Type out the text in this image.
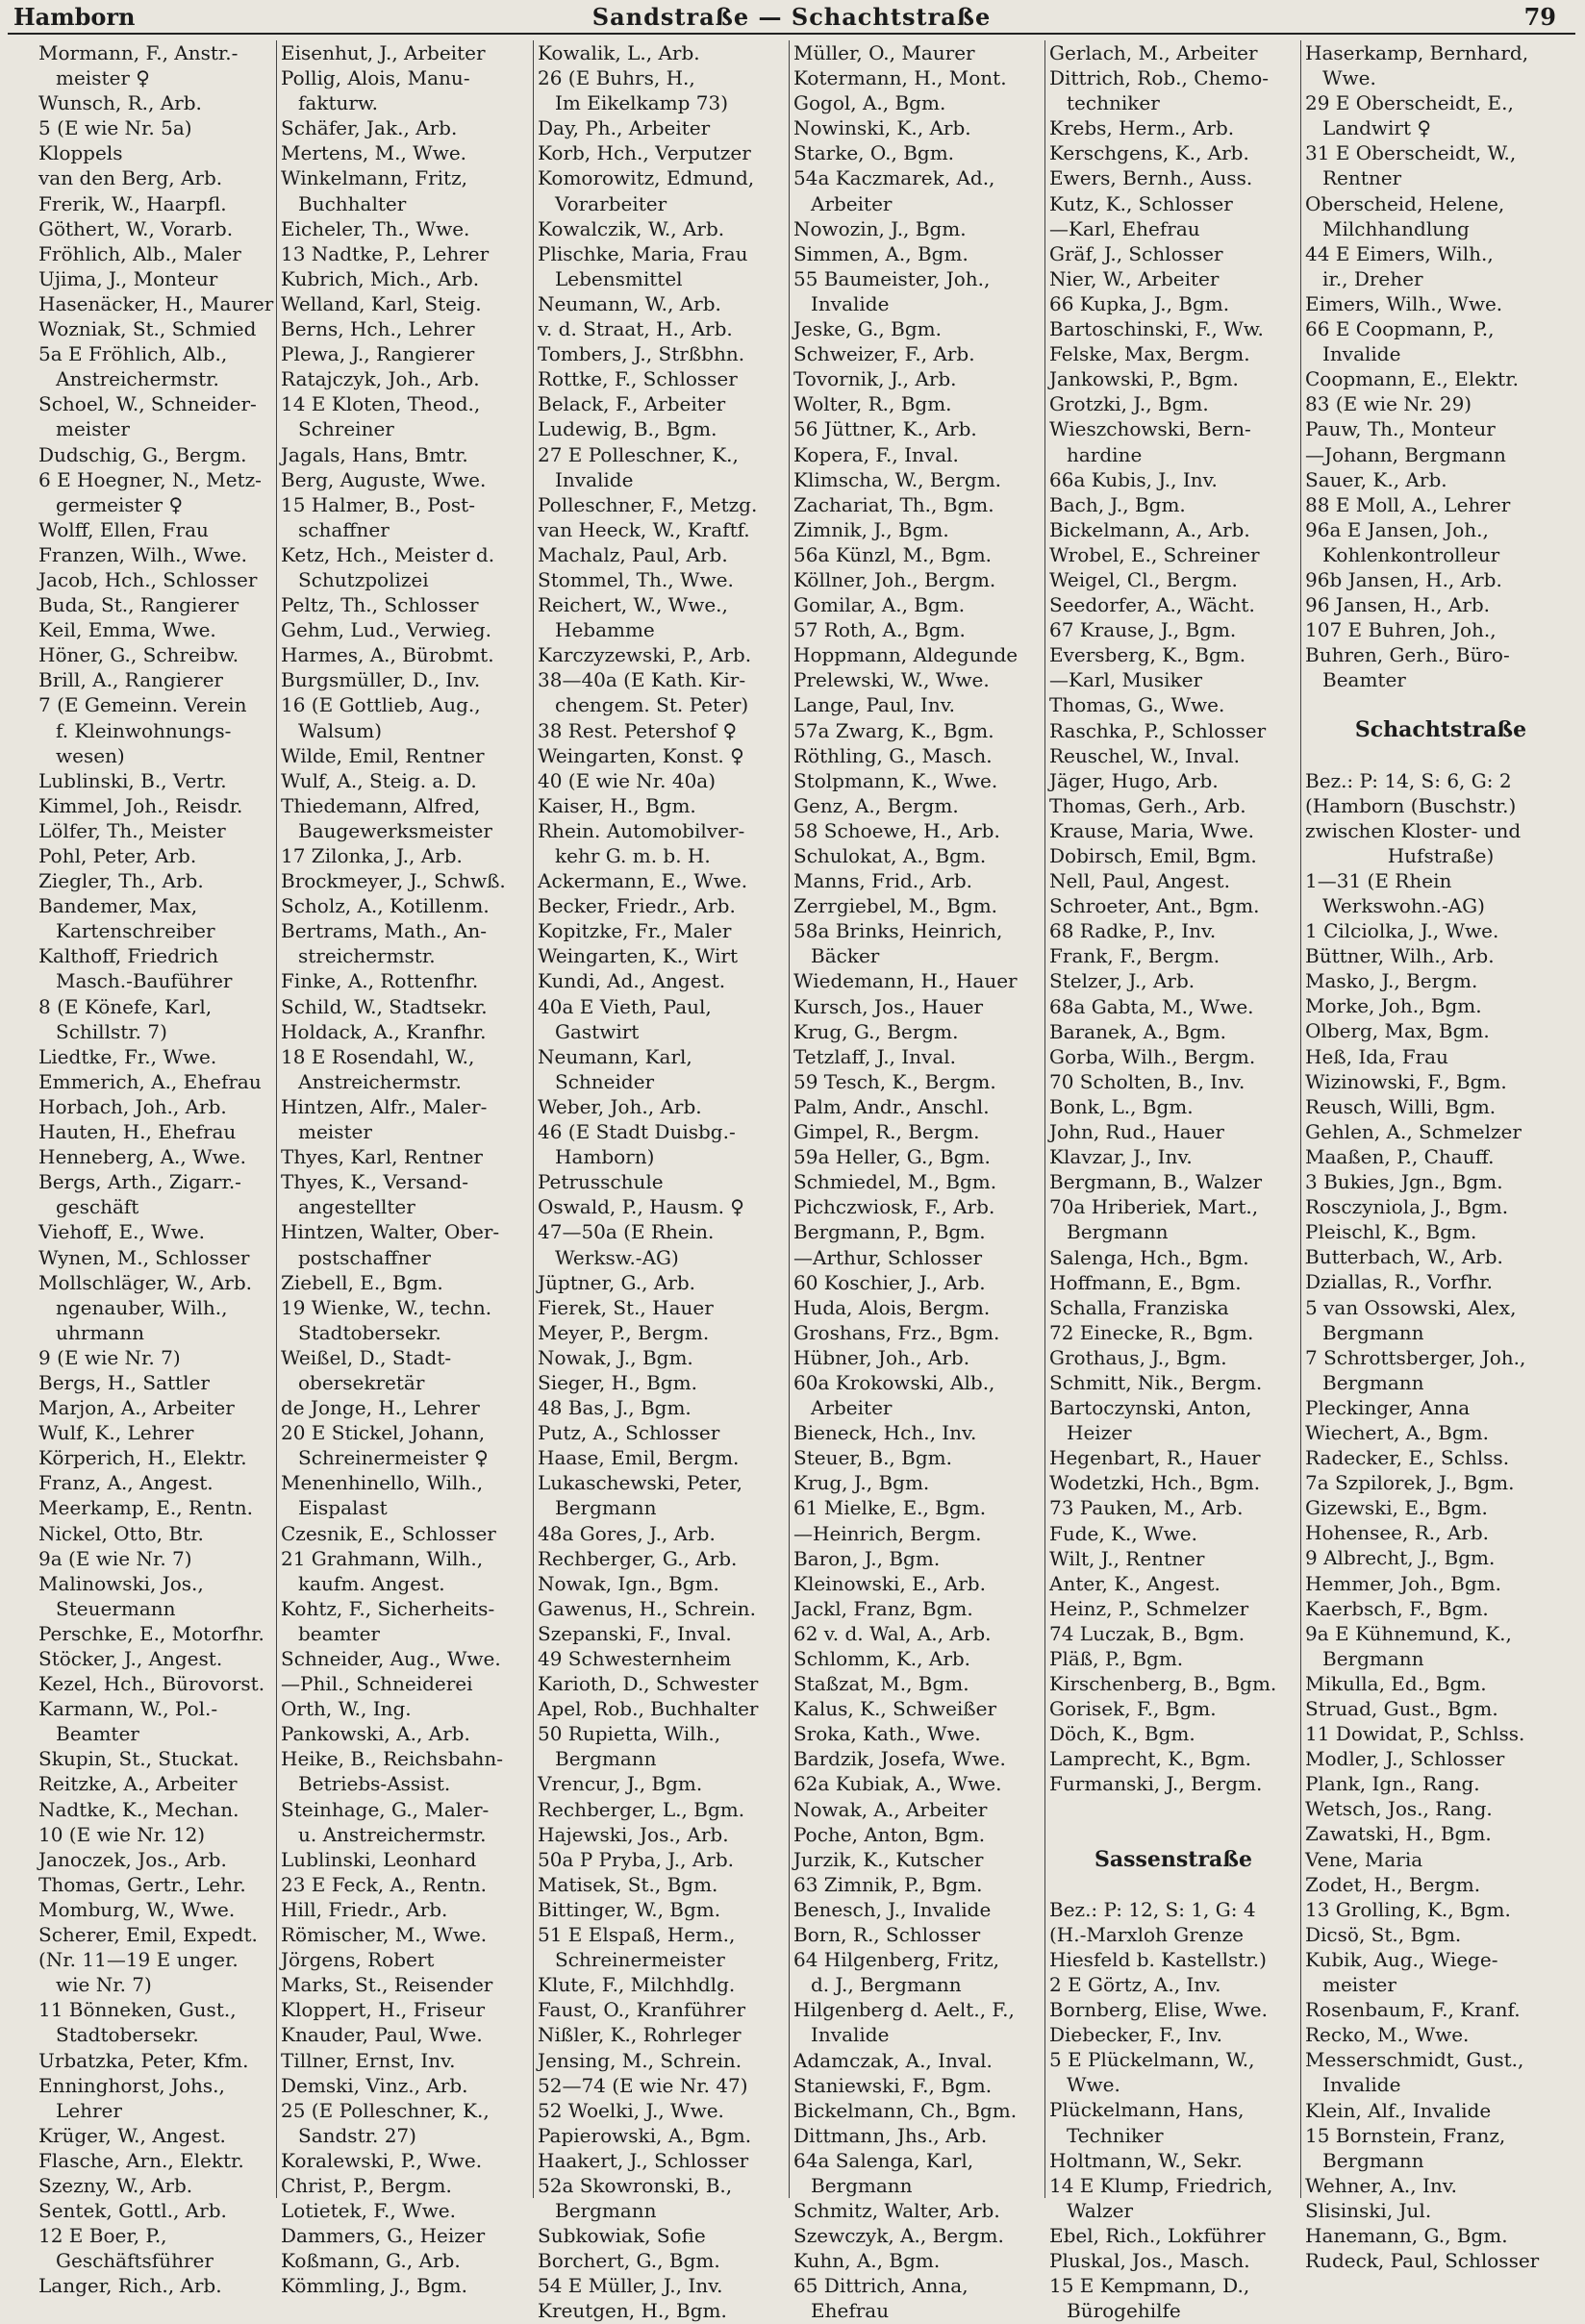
Hamborn	Sandstraße — Schachtstraße	79
Mormann, F., Anstr.-
meister ♀
Wunsch, R., Arb.
5 (E wie Nr. 5a)
Kloppels
van den Berg, Arb.
Frerik, W., Haarpfl.
Göthert, W., Vorarb.
Fröhlich, Alb., Maler
Ujima, J., Monteur
Hasenäcker, H., Maurer
Wozniak, St., Schmied
5a E Fröhlich, Alb.,
Anstreichermstr.
Schoel, W., Schneider-
meister
Dudschig, G., Bergm.
6 E Hoegner, N., Metz-
germeister ♀
Wolff, Ellen, Frau
Franzen, Wilh., Wwe.
Jacob, Hch., Schlosser
Buda, St., Rangierer
Keil, Emma, Wwe.
Höner, G., Schreibw.
Brill, A., Rangierer
7 (E Gemeinn. Verein
f. Kleinwohnungs-
wesen)
Lublinski, B., Vertr.
Kimmel, Joh., Reisdr.
Lölfer, Th., Meister
Pohl, Peter, Arb.
Ziegler, Th., Arb.
Bandemer, Max,
Kartenschreiber
Kalthoff, Friedrich
Masch.-Bauführer
8 (E Könefe, Karl,
Schillstr. 7)
Liedtke, Fr., Wwe.
Emmerich, A., Ehefrau
Horbach, Joh., Arb.
Hauten, H., Ehefrau
Henneberg, A., Wwe.
Bergs, Arth., Zigarr.-
geschäft
Viehoff, E., Wwe.
Wynen, M., Schlosser
Mollschläger, W., Arb.
ngenauber, Wilh.,
uhrmann
9 (E wie Nr. 7)
Bergs, H., Sattler
Marjon, A., Arbeiter
Wulf, K., Lehrer
Körperich, H., Elektr.
Franz, A., Angest.
Meerkamp, E., Rentn.
Nickel, Otto, Btr.
9a (E wie Nr. 7)
Malinowski, Jos.,
Steuermann
Perschke, E., Motorfhr.
Stöcker, J., Angest.
Kezel, Hch., Bürovorst.
Karmann, W., Pol.-
Beamter
Skupin, St., Stuckat.
Reitzke, A., Arbeiter
Nadtke, K., Mechan.
10 (E wie Nr. 12)
Janoczek, Jos., Arb.
Thomas, Gertr., Lehr.
Momburg, W., Wwe.
Scherer, Emil, Expedt.
(Nr. 11—19 E unger.
wie Nr. 7)
11 Bönneken, Gust.,
Stadtobersekr.
Urbatzka, Peter, Kfm.
Enninghorst, Johs.,
Lehrer
Krüger, W., Angest.
Flasche, Arn., Elektr.
Szezny, W., Arb.
Sentek, Gottl., Arb.
12 E Boer, P.,
Geschäftsführer
Langer, Rich., Arb.
Eisenhut, J., Arbeiter
Pollig, Alois, Manu-
fakturw.
Schäfer, Jak., Arb.
Mertens, M., Wwe.
Winkelmann, Fritz,
Buchhalter
Eicheler, Th., Wwe.
13 Nadtke, P., Lehrer
Kubrich, Mich., Arb.
Welland, Karl, Steig.
Berns, Hch., Lehrer
Plewa, J., Rangierer
Ratajczyk, Joh., Arb.
14 E Kloten, Theod.,
Schreiner
Jagals, Hans, Bmtr.
Berg, Auguste, Wwe.
15 Halmer, B., Post-
schaffner
Ketz, Hch., Meister d.
Schutzpolizei
Peltz, Th., Schlosser
Gehm, Lud., Verwieg.
Harmes, A., Bürobmt.
Burgsmüller, D., Inv.
16 (E Gottlieb, Aug.,
Walsum)
Wilde, Emil, Rentner
Wulf, A., Steig. a. D.
Thiedemann, Alfred,
Baugewerksmeister
17 Zilonka, J., Arb.
Brockmeyer, J., Schwß.
Scholz, A., Kotillenm.
Bertrams, Math., An-
streichermstr.
Finke, A., Rottenfhr.
Schild, W., Stadtsekr.
Holdack, A., Kranfhr.
18 E Rosendahl, W.,
Anstreichermstr.
Hintzen, Alfr., Maler-
meister
Thyes, Karl, Rentner
Thyes, K., Versand-
angestellter
Hintzen, Walter, Ober-
postschaffner
Ziebell, E., Bgm.
19 Wienke, W., techn.
Stadtobersekr.
Weißel, D., Stadt-
obersekretär
de Jonge, H., Lehrer
20 E Stickel, Johann,
Schreinermeister ♀
Menenhinello, Wilh.,
Eispalast
Czesnik, E., Schlosser
21 Grahmann, Wilh.,
kaufm. Angest.
Kohtz, F., Sicherheits-
beamter
Schneider, Aug., Wwe.
—Phil., Schneiderei
Orth, W., Ing.
Pankowski, A., Arb.
Heike, B., Reichsbahn-
Betriebs-Assist.
Steinhage, G., Maler-
u. Anstreichermstr.
Lublinski, Leonhard
23 E Feck, A., Rentn.
Hill, Friedr., Arb.
Römischer, M., Wwe.
Jörgens, Robert
Marks, St., Reisender
Kloppert, H., Friseur
Knauder, Paul, Wwe.
Tillner, Ernst, Inv.
Demski, Vinz., Arb.
25 (E Polleschner, K.,
Sandstr. 27)
Koralewski, P., Wwe.
Christ, P., Bergm.
Lotietek, F., Wwe.
Dammers, G., Heizer
Koßmann, G., Arb.
Kömmling, J., Bgm.
Kowalik, L., Arb.
26 (E Buhrs, H.,
Im Eikelkamp 73)
Day, Ph., Arbeiter
Korb, Hch., Verputzer
Komorowitz, Edmund,
Vorarbeiter
Kowalczik, W., Arb.
Plischke, Maria, Frau
Lebensmittel
Neumann, W., Arb.
v. d. Straat, H., Arb.
Tombers, J., Strßbhn.
Rottke, F., Schlosser
Belack, F., Arbeiter
Ludewig, B., Bgm.
27 E Polleschner, K.,
Invalide
Polleschner, F., Metzg.
van Heeck, W., Kraftf.
Machalz, Paul, Arb.
Stommel, Th., Wwe.
Reichert, W., Wwe.,
Hebamme
Karczyzewski, P., Arb.
38—40a (E Kath. Kir-
chengem. St. Peter)
38 Rest. Petershof ♀
Weingarten, Konst. ♀
40 (E wie Nr. 40a)
Kaiser, H., Bgm.
Rhein. Automobilver-
kehr G. m. b. H.
Ackermann, E., Wwe.
Becker, Friedr., Arb.
Kopitzke, Fr., Maler
Weingarten, K., Wirt
Kundi, Ad., Angest.
40a E Vieth, Paul,
Gastwirt
Neumann, Karl,
Schneider
Weber, Joh., Arb.
46 (E Stadt Duisbg.-
Hamborn)
Petrusschule
Oswald, P., Hausm. ♀
47—50a (E Rhein.
Werksw.-AG)
Jüptner, G., Arb.
Fierek, St., Hauer
Meyer, P., Bergm.
Nowak, J., Bgm.
Sieger, H., Bgm.
48 Bas, J., Bgm.
Putz, A., Schlosser
Haase, Emil, Bergm.
Lukaschewski, Peter,
Bergmann
48a Gores, J., Arb.
Rechberger, G., Arb.
Nowak, Ign., Bgm.
Gawenus, H., Schrein.
Szepanski, F., Inval.
49 Schwesternheim
Karioth, D., Schwester
Apel, Rob., Buchhalter
50 Rupietta, Wilh.,
Bergmann
Vrencur, J., Bgm.
Rechberger, L., Bgm.
Hajewski, Jos., Arb.
50a P Pryba, J., Arb.
Matisek, St., Bgm.
Bittinger, W., Bgm.
51 E Elspaß, Herm.,
Schreinermeister
Klute, F., Milchhdlg.
Faust, O., Kranführer
Nißler, K., Rohrleger
Jensing, M., Schrein.
52—74 (E wie Nr. 47)
52 Woelki, J., Wwe.
Papierowski, A., Bgm.
Haakert, J., Schlosser
52a Skowronski, B.,
Bergmann
Subkowiak, Sofie
Borchert, G., Bgm.
54 E Müller, J., Inv.
Kreutgen, H., Bgm.
Müller, O., Maurer
Kotermann, H., Mont.
Gogol, A., Bgm.
Nowinski, K., Arb.
Starke, O., Bgm.
54a Kaczmarek, Ad.,
Arbeiter
Nowozin, J., Bgm.
Simmen, A., Bgm.
55 Baumeister, Joh.,
Invalide
Jeske, G., Bgm.
Schweizer, F., Arb.
Tovornik, J., Arb.
Wolter, R., Bgm.
56 Jüttner, K., Arb.
Kopera, F., Inval.
Klimscha, W., Bergm.
Zachariat, Th., Bgm.
Zimnik, J., Bgm.
56a Künzl, M., Bgm.
Köllner, Joh., Bergm.
Gomilar, A., Bgm.
57 Roth, A., Bgm.
Hoppmann, Aldegunde
Prelewski, W., Wwe.
Lange, Paul, Inv.
57a Zwarg, K., Bgm.
Röthling, G., Masch.
Stolpmann, K., Wwe.
Genz, A., Bergm.
58 Schoewe, H., Arb.
Schulokat, A., Bgm.
Manns, Frid., Arb.
Zerrgiebel, M., Bgm.
58a Brinks, Heinrich,
Bäcker
Wiedemann, H., Hauer
Kursch, Jos., Hauer
Krug, G., Bergm.
Tetzlaff, J., Inval.
59 Tesch, K., Bergm.
Palm, Andr., Anschl.
Gimpel, R., Bergm.
59a Heller, G., Bgm.
Schmiedel, M., Bgm.
Pichczwiosk, F., Arb.
Bergmann, P., Bgm.
—Arthur, Schlosser
60 Koschier, J., Arb.
Huda, Alois, Bergm.
Groshans, Frz., Bgm.
Hübner, Joh., Arb.
60a Krokowski, Alb.,
Arbeiter
Bieneck, Hch., Inv.
Steuer, B., Bgm.
Krug, J., Bgm.
61 Mielke, E., Bgm.
—Heinrich, Bergm.
Baron, J., Bgm.
Kleinowski, E., Arb.
Jackl, Franz, Bgm.
62 v. d. Wal, A., Arb.
Schlomm, K., Arb.
Staßzat, M., Bgm.
Kalus, K., Schweißer
Sroka, Kath., Wwe.
Bardzik, Josefa, Wwe.
62a Kubiak, A., Wwe.
Nowak, A., Arbeiter
Poche, Anton, Bgm.
Jurzik, K., Kutscher
63 Zimnik, P., Bgm.
Benesch, J., Invalide
Born, R., Schlosser
64 Hilgenberg, Fritz,
d. J., Bergmann
Hilgenberg d. Aelt., F.,
Invalide
Adamczak, A., Inval.
Staniewski, F., Bgm.
Bickelmann, Ch., Bgm.
Dittmann, Jhs., Arb.
64a Salenga, Karl,
Bergmann
Schmitz, Walter, Arb.
Szewczyk, A., Bergm.
Kuhn, A., Bgm.
65 Dittrich, Anna,
Ehefrau
Gerlach, M., Arbeiter
Dittrich, Rob., Chemo-
techniker
Krebs, Herm., Arb.
Kerschgens, K., Arb.
Ewers, Bernh., Auss.
Kutz, K., Schlosser
—Karl, Ehefrau
Gräf, J., Schlosser
Nier, W., Arbeiter
66 Kupka, J., Bgm.
Bartoschinski, F., Ww.
Felske, Max, Bergm.
Jankowski, P., Bgm.
Grotzki, J., Bgm.
Wieszchowski, Bern-
hardine
66a Kubis, J., Inv.
Bach, J., Bgm.
Bickelmann, A., Arb.
Wrobel, E., Schreiner
Weigel, Cl., Bergm.
Seedorfer, A., Wächt.
67 Krause, J., Bgm.
Eversberg, K., Bgm.
—Karl, Musiker
Thomas, G., Wwe.
Raschka, P., Schlosser
Reuschel, W., Inval.
Jäger, Hugo, Arb.
Thomas, Gerh., Arb.
Krause, Maria, Wwe.
Dobirsch, Emil, Bgm.
Nell, Paul, Angest.
Schroeter, Ant., Bgm.
68 Radke, P., Inv.
Frank, F., Bergm.
Stelzer, J., Arb.
68a Gabta, M., Wwe.
Baranek, A., Bgm.
Gorba, Wilh., Bergm.
70 Scholten, B., Inv.
Bonk, L., Bgm.
John, Rud., Hauer
Klavzar, J., Inv.
Bergmann, B., Walzer
70a Hriberiek, Mart.,
Bergmann
Salenga, Hch., Bgm.
Hoffmann, E., Bgm.
Schalla, Franziska
72 Einecke, R., Bgm.
Grothaus, J., Bgm.
Schmitt, Nik., Bergm.
Bartoczynski, Anton,
Heizer
Hegenbart, R., Hauer
Wodetzki, Hch., Bgm.
73 Pauken, M., Arb.
Fude, K., Wwe.
Wilt, J., Rentner
Anter, K., Angest.
Heinz, P., Schmelzer
74 Luczak, B., Bgm.
Pläß, P., Bgm.
Kirschenberg, B., Bgm.
Gorisek, F., Bgm.
Döch, K., Bgm.
Lamprecht, K., Bgm.
Furmanski, J., Bergm.
Sassenstraße
Bez.: P: 12, S: 1, G: 4
(H.-Marxloh Grenze
Hiesfeld b. Kastellstr.)
2 E Görtz, A., Inv.
Bornberg, Elise, Wwe.
Diebecker, F., Inv.
5 E Plückelmann, W.,
Wwe.
Plückelmann, Hans,
Techniker
Holtmann, W., Sekr.
14 E Klump, Friedrich,
Walzer
Ebel, Rich., Lokführer
Pluskal, Jos., Masch.
15 E Kempmann, D.,
Bürogehilfe
Haserkamp, Bernhard,
Wwe.
29 E Oberscheidt, E.,
Landwirt ♀
31 E Oberscheidt, W.,
Rentner
Oberscheid, Helene,
Milchhandlung
44 E Eimers, Wilh.,
ir., Dreher
Eimers, Wilh., Wwe.
66 E Coopmann, P.,
Invalide
Coopmann, E., Elektr.
83 (E wie Nr. 29)
Pauw, Th., Monteur
—Johann, Bergmann
Sauer, K., Arb.
88 E Moll, A., Lehrer
96a E Jansen, Joh.,
Kohlenkontrolleur
96b Jansen, H., Arb.
96 Jansen, H., Arb.
107 E Buhren, Joh.,
Buhren, Gerh., Büro-
Beamter
Schachtstraße
Bez.: P: 14, S: 6, G: 2
(Hamborn (Buschstr.)
zwischen Kloster- und
Hufstraße)
1—31 (E Rhein
Werkswohn.-AG)
1 Cilciolka, J., Wwe.
Büttner, Wilh., Arb.
Masko, J., Bergm.
Morke, Joh., Bgm.
Olberg, Max, Bgm.
Heß, Ida, Frau
Wizinowski, F., Bgm.
Reusch, Willi, Bgm.
Gehlen, A., Schmelzer
Maaßen, P., Chauff.
3 Bukies, Jgn., Bgm.
Rosczyniola, J., Bgm.
Pleischl, K., Bgm.
Butterbach, W., Arb.
Dziallas, R., Vorfhr.
5 van Ossowski, Alex,
Bergmann
7 Schrottsberger, Joh.,
Bergmann
Pleckinger, Anna
Wiechert, A., Bgm.
Radecker, E., Schlss.
7a Szpilorek, J., Bgm.
Gizewski, E., Bgm.
Hohensee, R., Arb.
9 Albrecht, J., Bgm.
Hemmer, Joh., Bgm.
Kaerbsch, F., Bgm.
9a E Kühnemund, K.,
Bergmann
Mikulla, Ed., Bgm.
Struad, Gust., Bgm.
11 Dowidat, P., Schlss.
Modler, J., Schlosser
Plank, Ign., Rang.
Wetsch, Jos., Rang.
Zawatski, H., Bgm.
Vene, Maria
Zodet, H., Bergm.
13 Grolling, K., Bgm.
Dicsö, St., Bgm.
Kubik, Aug., Wiege-
meister
Rosenbaum, F., Kranf.
Recko, M., Wwe.
Messerschmidt, Gust.,
Invalide
Klein, Alf., Invalide
15 Bornstein, Franz,
Bergmann
Wehner, A., Inv.
Slisinski, Jul.
Hanemann, G., Bgm.
Rudeck, Paul, Schlosser
